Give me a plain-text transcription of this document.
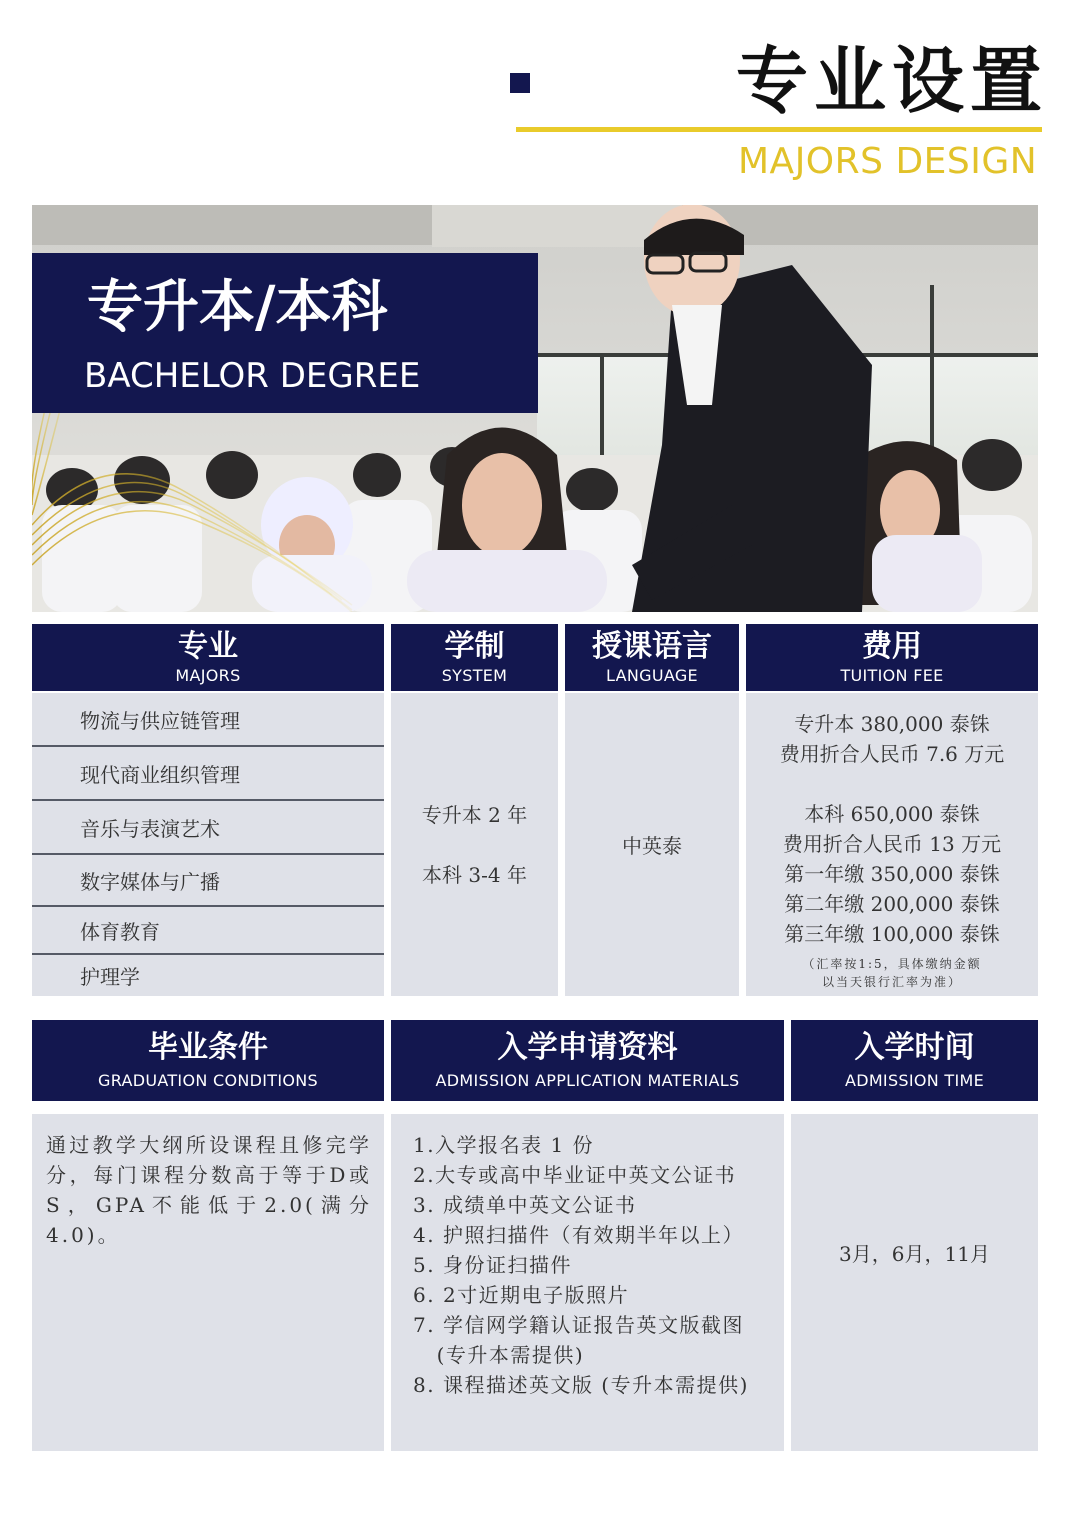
专业设置
MAJORS DESIGN
专升本/本科
BACHELOR DEGREE
专业
MAJORS
学制
SYSTEM
授课语言
LANGUAGE
费用
TUITION FEE
物流与供应链管理
现代商业组织管理
音乐与表演艺术
数字媒体与广播
体育教育
护理学
专升本 2 年
本科 3-4 年
中英泰
专升本 380,000 泰铢
费用折合人民币 7.6 万元
本科 650,000 泰铢
费用折合人民币 13 万元
第一年缴 350,000 泰铢
第二年缴 200,000 泰铢
第三年缴 100,000 泰铢
（汇率按1:5，具体缴纳金额
以当天银行汇率为准）
毕业条件
GRADUATION CONDITIONS
入学申请资料
ADMISSION APPLICATION MATERIALS
入学时间
ADMISSION TIME
通过教学大纲所设课程且修完学分，每门课程分数高于等于D或S，GPA不能低于2.0(满分4.0)。
1.入学报名表 1 份
2.大专或高中毕业证中英文公证书
3. 成绩单中英文公证书
4. 护照扫描件（有效期半年以上）
5. 身份证扫描件
6. 2寸近期电子版照片
7. 学信网学籍认证报告英文版截图
(专升本需提供)
8. 课程描述英文版 (专升本需提供)
3月，6月，11月
